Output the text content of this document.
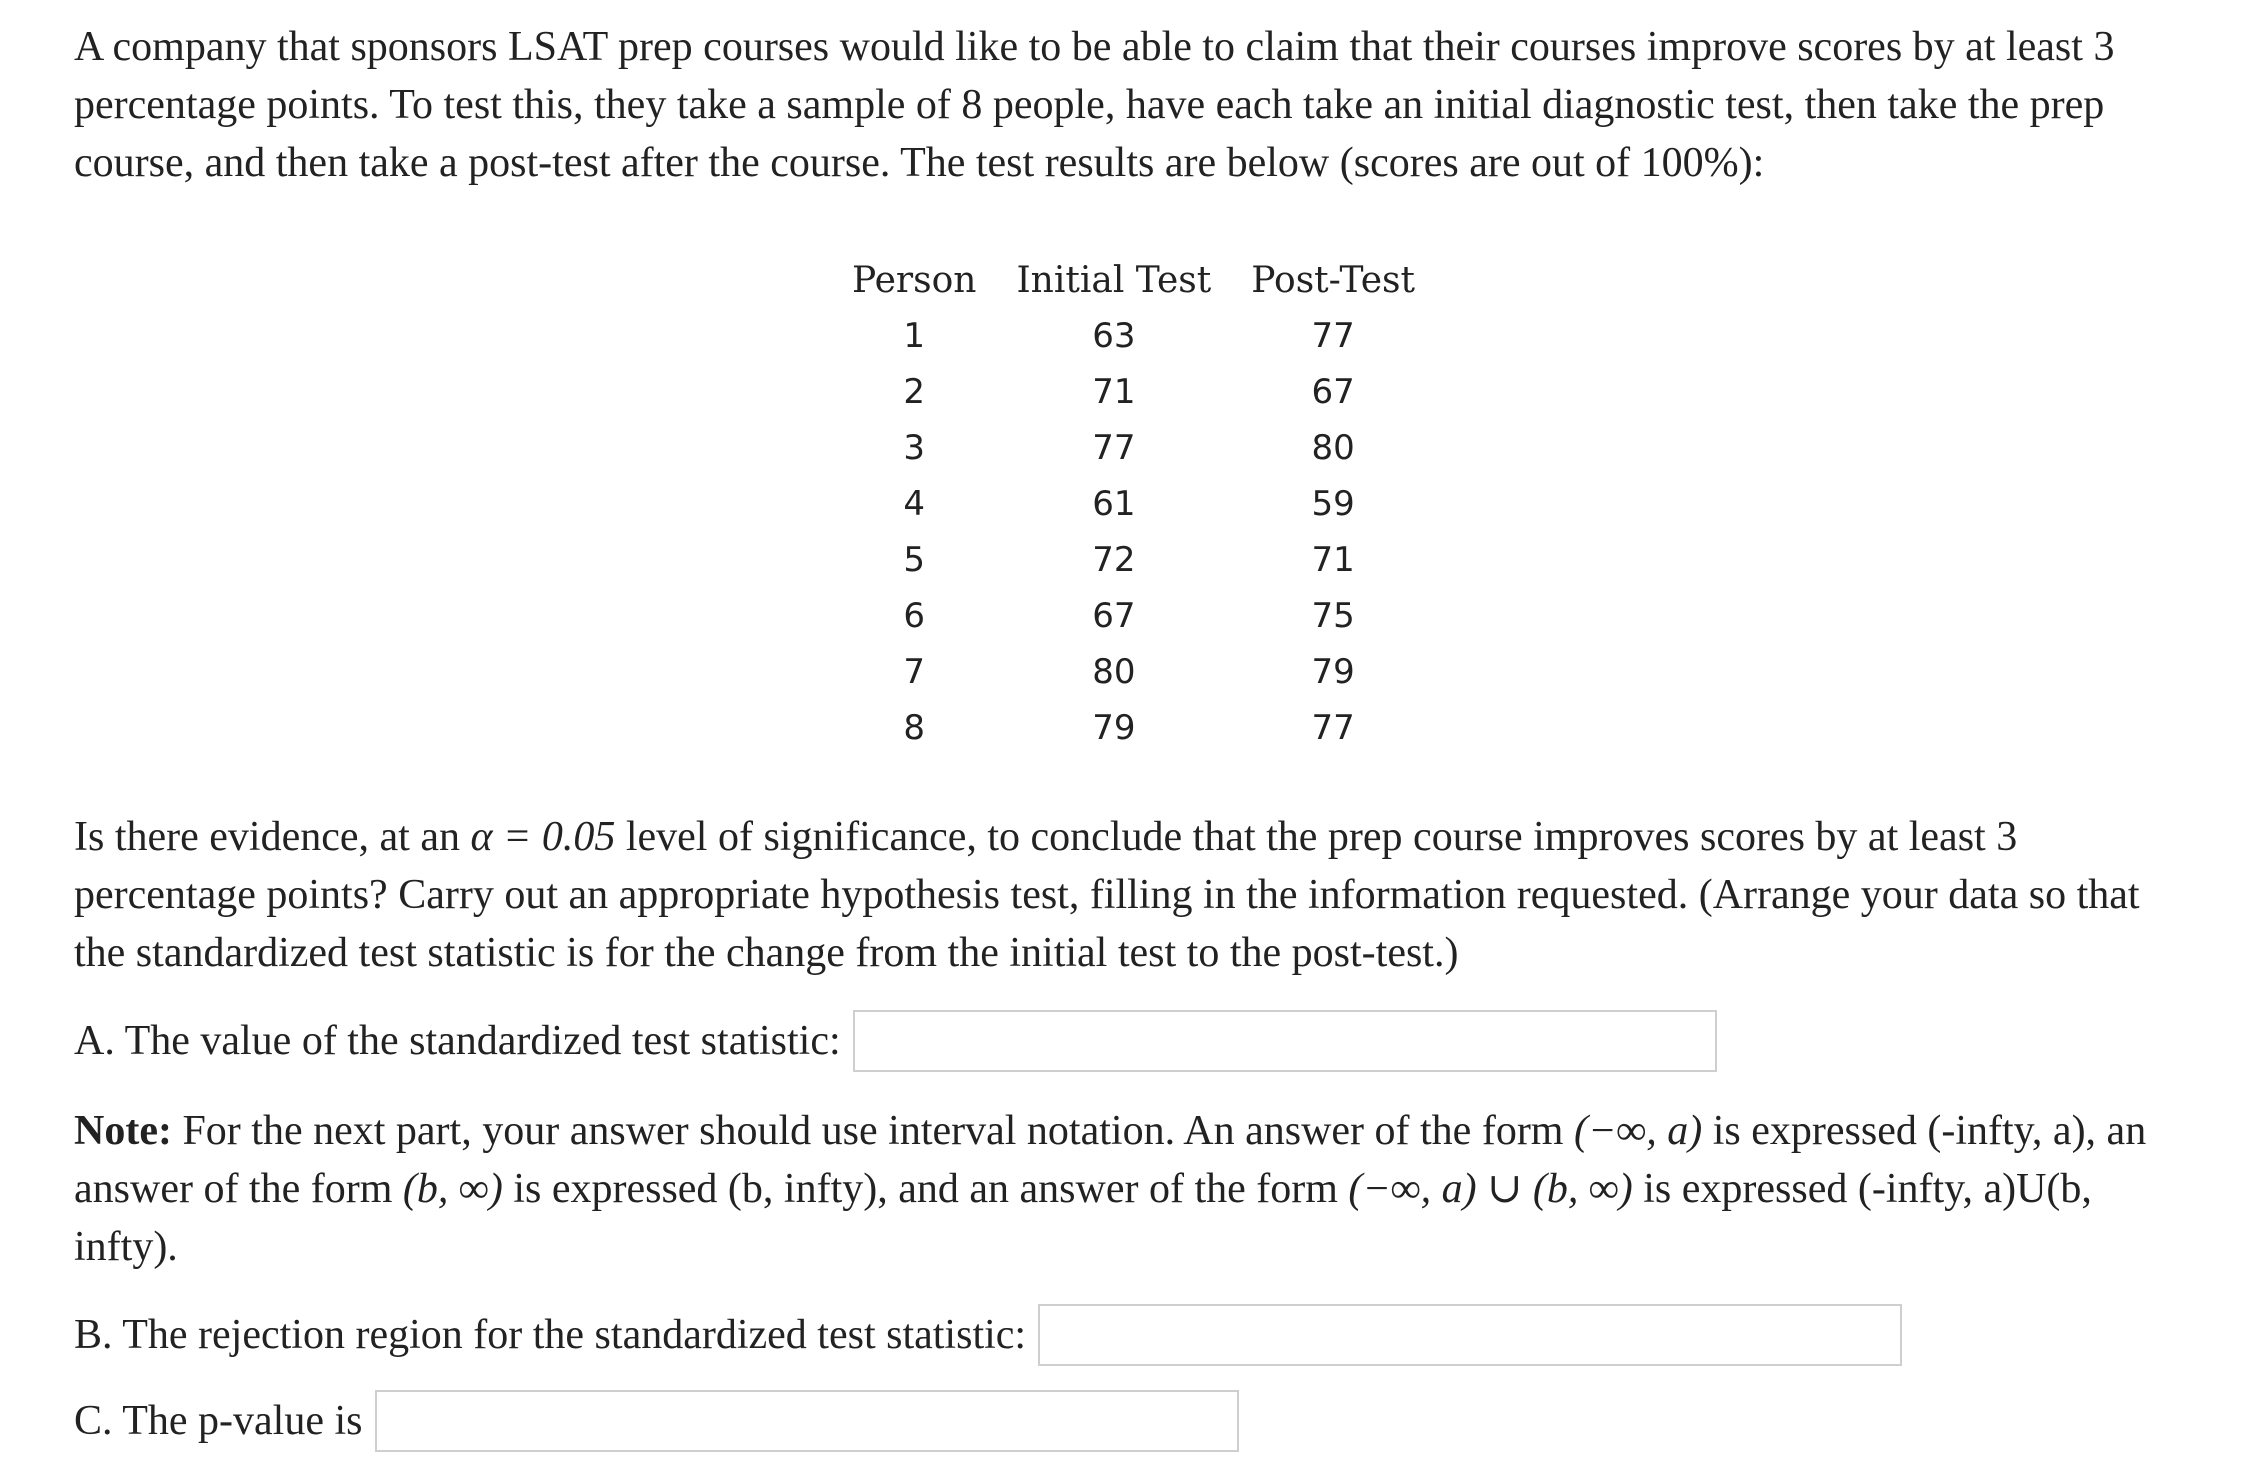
A company that sponsors LSAT prep courses would like to be able to claim that their courses improve scores by at least 3 percentage points. To test this, they take a sample of 8 people, have each take an initial diagnostic test, then take the prep course, and then take a post-test after the course. The test results are below (scores are out of 100%):

Person	Initial Test	Post-Test
1	63	77
2	71	67
3	77	80
4	61	59
5	72	71
6	67	75
7	80	79
8	79	77

Is there evidence, at an α = 0.05 level of significance, to conclude that the prep course improves scores by at least 3 percentage points? Carry out an appropriate hypothesis test, filling in the information requested. (Arrange your data so that the standardized test statistic is for the change from the initial test to the post-test.)

A. The value of the standardized test statistic:

Note: For the next part, your answer should use interval notation. An answer of the form (−∞, a) is expressed (-infty, a), an answer of the form (b, ∞) is expressed (b, infty), and an answer of the form (−∞, a) ∪ (b, ∞) is expressed (-infty, a)U(b, infty).

B. The rejection region for the standardized test statistic:
C. The p-value is
